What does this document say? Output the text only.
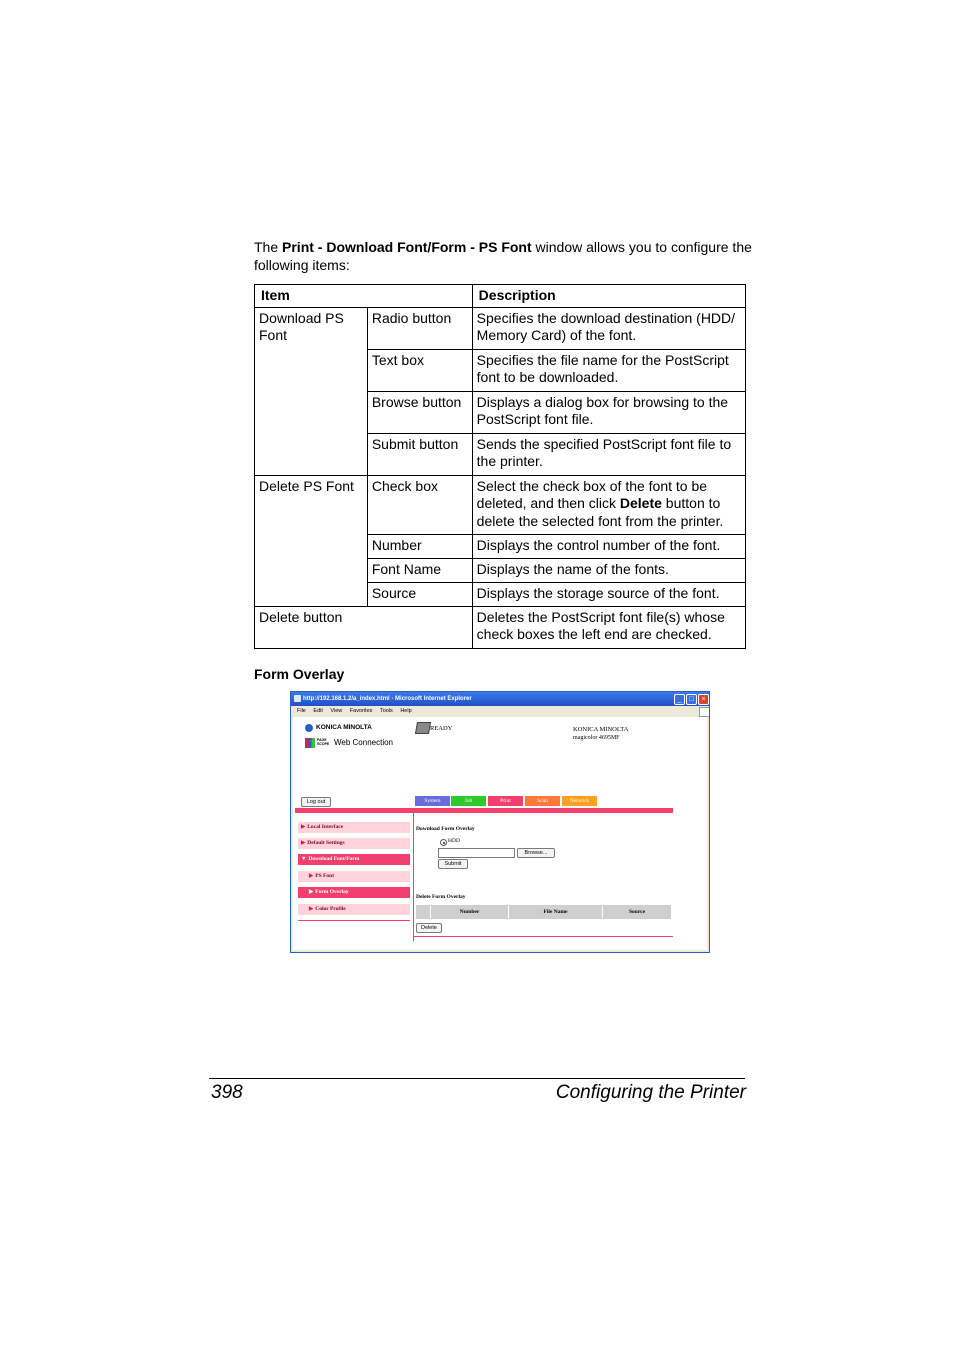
The Print - Download Font/Form - PS Font window allows you to configure the following items:
Item		Description
Download PS Font	Radio button	Specifies the download destination (HDD/ Memory Card) of the font.
	Text box	Specifies the file name for the PostScript font to be downloaded.
	Browse button	Displays a dialog box for browsing to the PostScript font file.
	Submit button	Sends the specified PostScript font file to the printer.
Delete PS Font	Check box	Select the check box of the font to be deleted, and then click Delete button to delete the selected font from the printer.
	Number	Displays the control number of the font.
	Font Name	Displays the name of the fonts.
	Source	Displays the storage source of the font.
Delete button		Deletes the PostScript font file(s) whose check boxes the left end are checked.
Form Overlay
http://192.168.1.2/a_index.html - Microsoft Internet Explorer	_	□	×
File Edit View Favorites Tools Help
KONICA MINOLTA
PAGE SCOPE Web Connection
READY	KONICA MINOLTA
magicolor 4695MF
Log out	System	Job	Print	Scan	Network
▶ Local Interface
▶ Default Settings
▼ Download Font/Form
▶ PS Font
▶ Form Overlay
▶ Color Profile
Download Form Overlay
HDD
Browse...
Submit
Delete Form Overlay
Number	File Name	Source
Delete
398	Configuring the Printer
